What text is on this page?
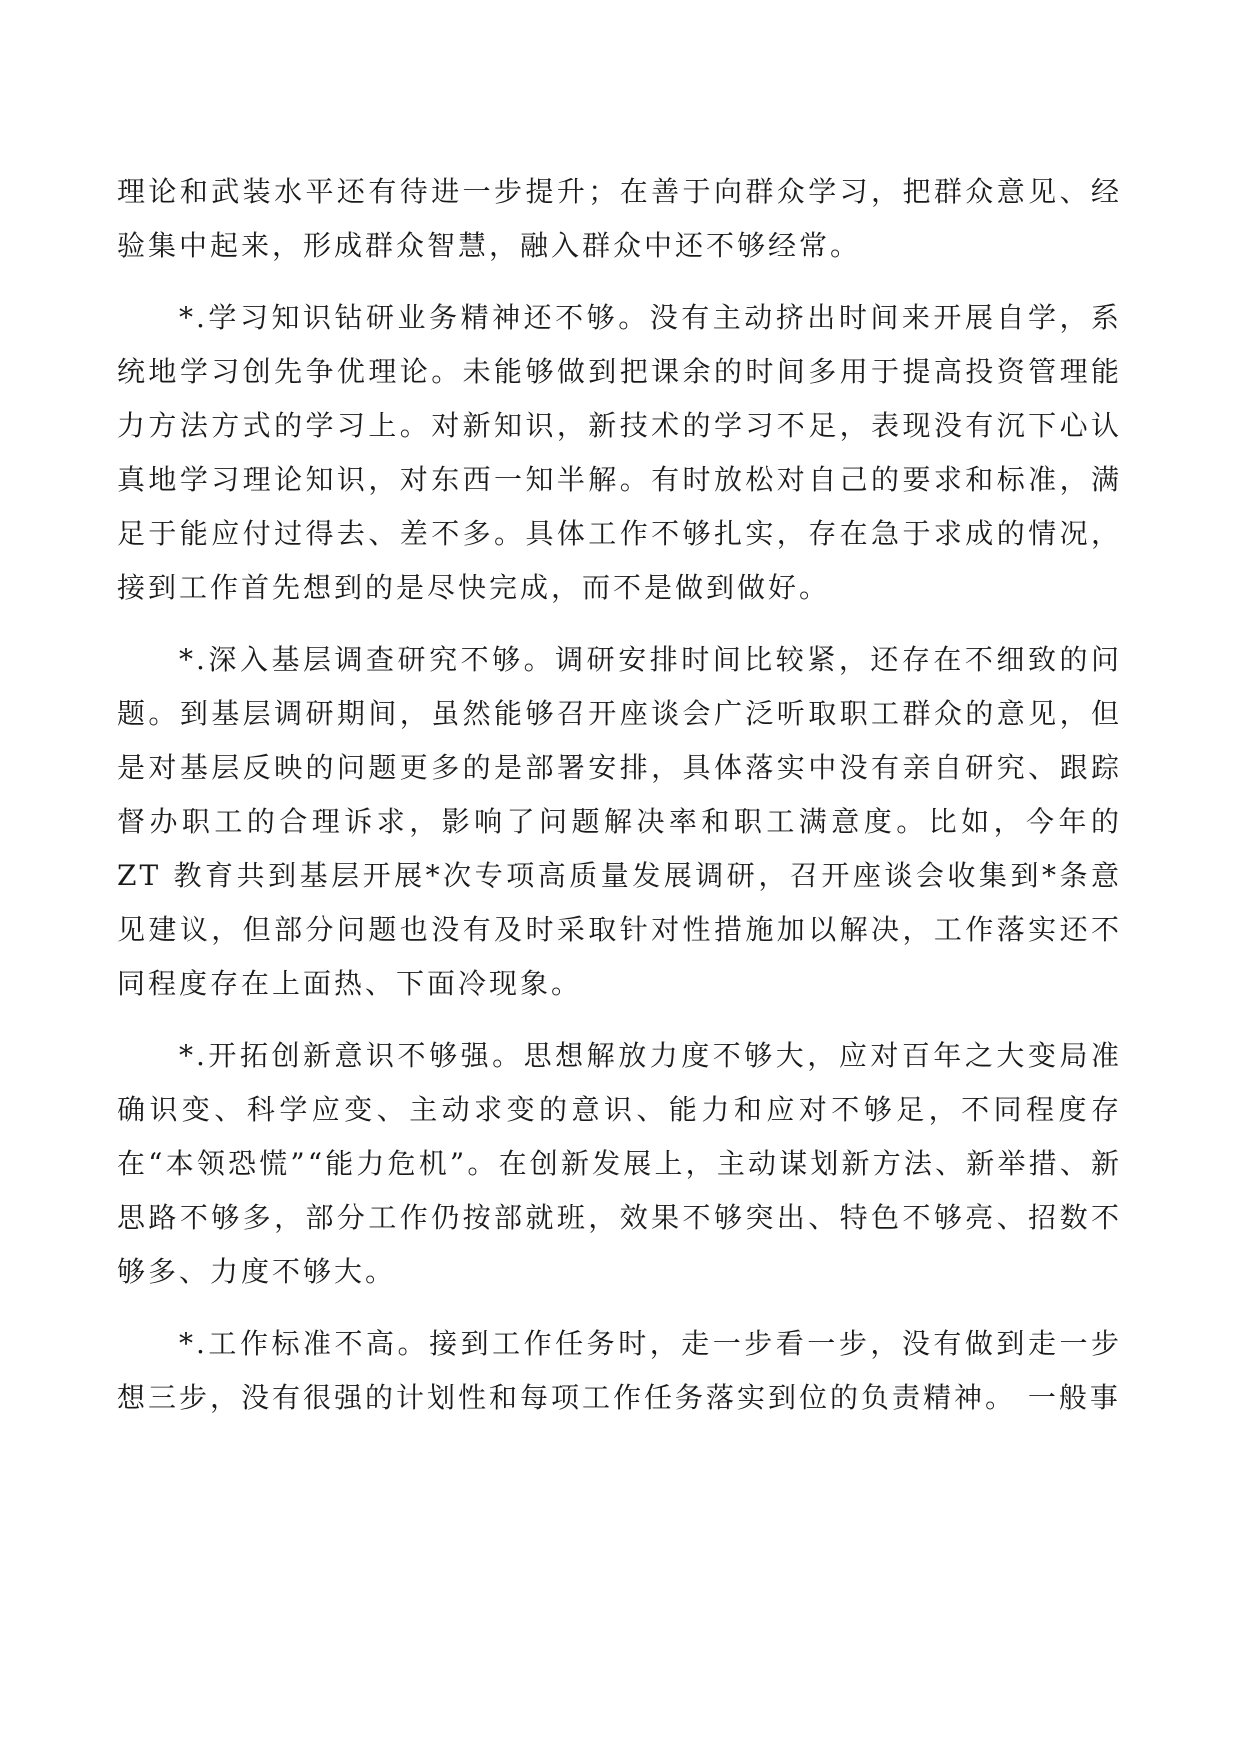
理论和武装水平还有待进一步提升；在善于向群众学习，把群众意见、经验集中起来，形成群众智慧，融入群众中还不够经常。

*.学习知识钻研业务精神还不够。没有主动挤出时间来开展自学，系统地学习创先争优理论。未能够做到把课余的时间多用于提高投资管理能力方法方式的学习上。对新知识，新技术的学习不足，表现没有沉下心认真地学习理论知识，对东西一知半解。有时放松对自己的要求和标准，满足于能应付过得去、差不多。具体工作不够扎实，存在急于求成的情况，接到工作首先想到的是尽快完成，而不是做到做好。

*.深入基层调查研究不够。调研安排时间比较紧，还存在不细致的问题。到基层调研期间，虽然能够召开座谈会广泛听取职工群众的意见，但是对基层反映的问题更多的是部署安排，具体落实中没有亲自研究、跟踪督办职工的合理诉求，影响了问题解决率和职工满意度。比如，今年的 ZT 教育共到基层开展*次专项高质量发展调研，召开座谈会收集到*条意见建议，但部分问题也没有及时采取针对性措施加以解决，工作落实还不同程度存在上面热、下面冷现象。

*.开拓创新意识不够强。思想解放力度不够大，应对百年之大变局准确识变、科学应变、主动求变的意识、能力和应对不够足，不同程度存在“本领恐慌”“能力危机”。在创新发展上，主动谋划新方法、新举措、新思路不够多，部分工作仍按部就班，效果不够突出、特色不够亮、招数不够多、力度不够大。

*.工作标准不高。接到工作任务时，走一步看一步，没有做到走一步想三步，没有很强的计划性和每项工作任务落实到位的负责精神。 一般事
